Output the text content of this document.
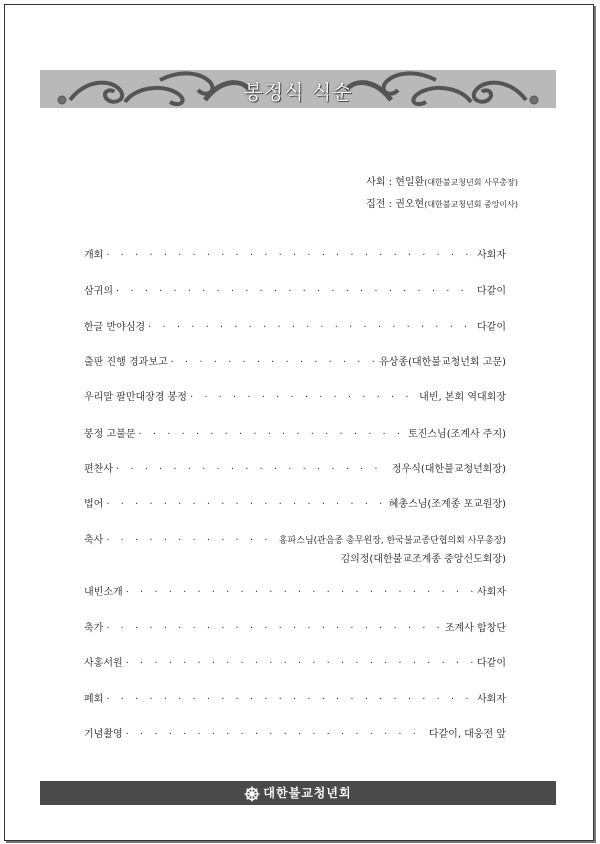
봉정식 식순
사회 : 현일환(대한불교청년회 사무총장)
집전 : 권오현(대한불교청년회 중앙이사)
개회 · · ·	사회자
삼귀의 · · ·	다같이
한글 반야심경 · · ·	다같이
출판 진행 경과보고 · · ·	유상종(대한불교청년회 고문)
우리말 팔만대장경 봉정 · · ·	내빈, 본회 역대회장
봉정 고불문 · · ·	토진스님(조계사 주지)
편찬사 · · ·	정우식(대한불교청년회장)
법어 · · ·	혜총스님(조계종 포교원장)
축사 · · ·	홍파스님(관음종 총무원장, 한국불교종단협의회 사무총장)
김의정(대한불교조계종 중앙신도회장)
내빈소개 · · ·	사회자
축가 · · ·	조계사 합창단
사홍서원 · · ·	다같이
폐회 · · ·	사회자
기념촬영 · · ·	다같이, 대웅전 앞
대한불교청년회
